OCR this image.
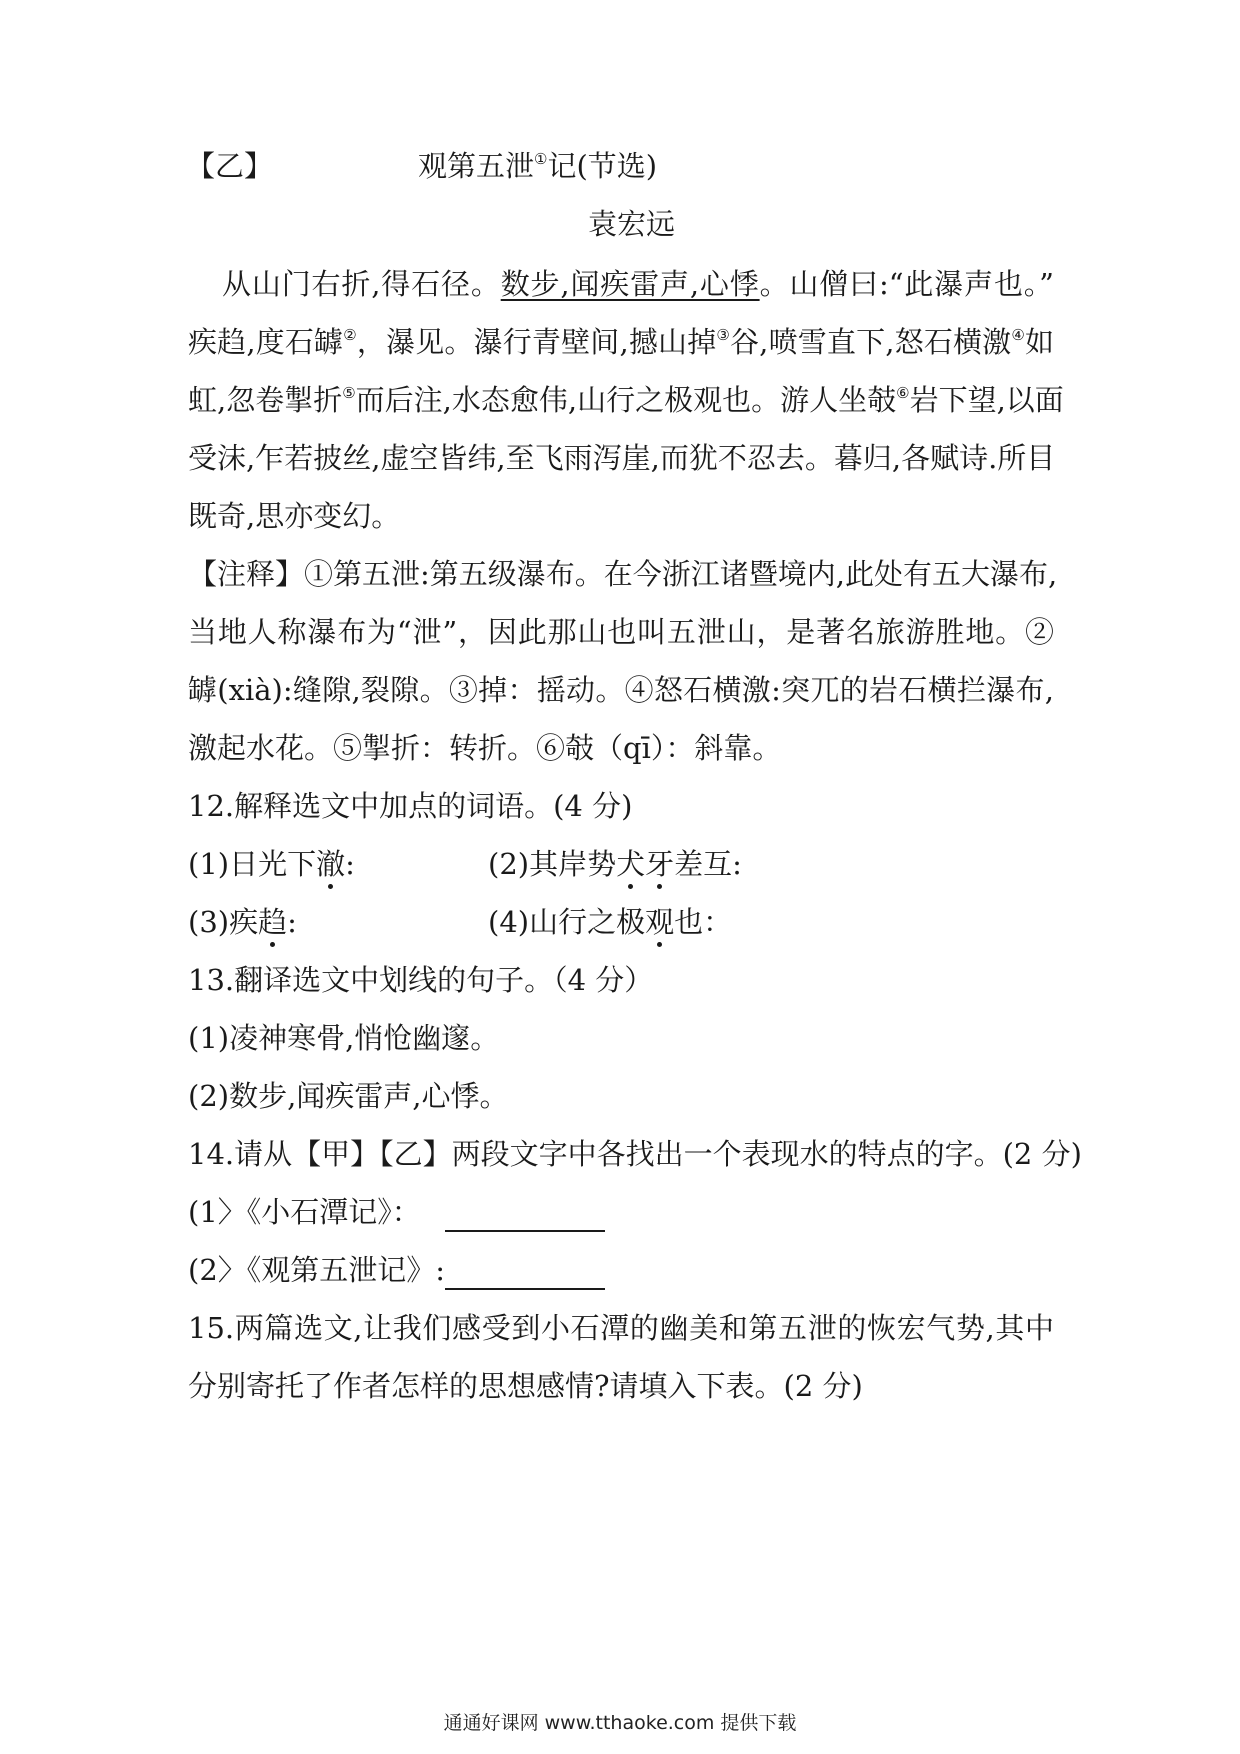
【乙】	观第五泄①记(节选)
袁宏远
从山门右折,得石径。数步,闻疾雷声,心悸。山僧曰:“此瀑声也。”
疾趋,度石罅②，瀑见。瀑行青壁间,撼山掉③谷,喷雪直下,怒石横激④如
虹,忽卷掣折⑤而后注,水态愈伟,山行之极观也。游人坐攲⑥岩下望,以面
受沫,乍若披丝,虚空皆纬,至飞雨泻崖,而犹不忍去。暮归,各赋诗.所目
既奇,思亦变幻。
【注释】①第五泄:第五级瀑布。在今浙江诸暨境内,此处有五大瀑布,
当地人称瀑布为“泄”，因此那山也叫五泄山，是著名旅游胜地。②
罅(xià):缝隙,裂隙。③掉：摇动。④怒石横激:突兀的岩石横拦瀑布,
激起水花。⑤掣折：转折。⑥攲（qī）：斜靠。
12.解释选文中加点的词语。(4 分)
(1)日光下澈:	(2)其岸势犬牙差互:
(3)疾趋:	(4)山行之极观也：
13.翻译选文中划线的句子。（4 分）
(1)凌神寒骨,悄怆幽邃。
(2)数步,闻疾雷声,心悸。
14.请从【甲】【乙】两段文字中各找出一个表现水的特点的字。(2 分)
(1〉《小石潭记》：
(2〉《观第五泄记》:
15.两篇选文,让我们感受到小石潭的幽美和第五泄的恢宏气势,其中
分别寄托了作者怎样的思想感情?请填入下表。(2 分)
通通好课网 www.tthaoke.com 提供下载
